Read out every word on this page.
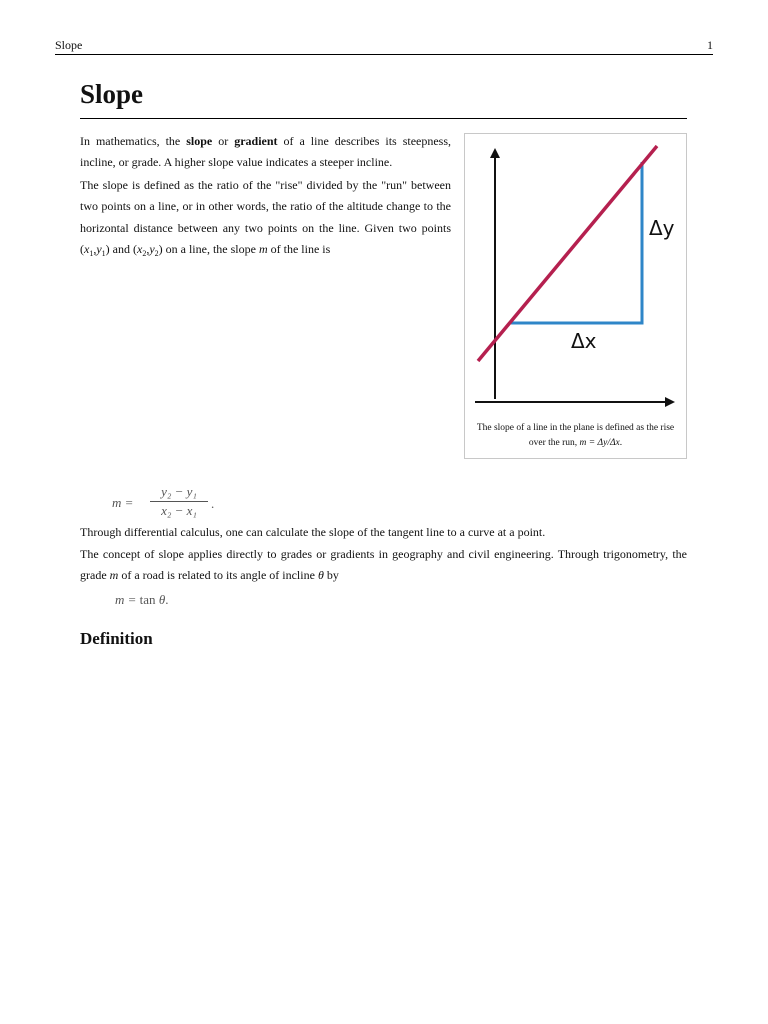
Slope	1
Slope

In mathematics, the slope or gradient of a line describes its steepness, incline, or grade. A higher slope value indicates a steeper incline.

The slope is defined as the ratio of the "rise" divided by the "run" between two points on a line, or in other words, the ratio of the altitude change to the horizontal distance between any two points on the line. Given two points $(x_1,y_1)$ and $(x_2,y_2)$ on a line, the slope m of the line is

Δy
Δx
The slope of a line in the plane is defined as the rise over the run, m = Δy/Δx.
m =
y₂ − y₁
x₂ − x₁	.

Through differential calculus, one can calculate the slope of the tangent line to a curve at a point.

The concept of slope applies directly to grades or gradients in geography and civil engineering. Through trigonometry, the grade m of a road is related to its angle of incline θ by

m = tan θ.
Definition
